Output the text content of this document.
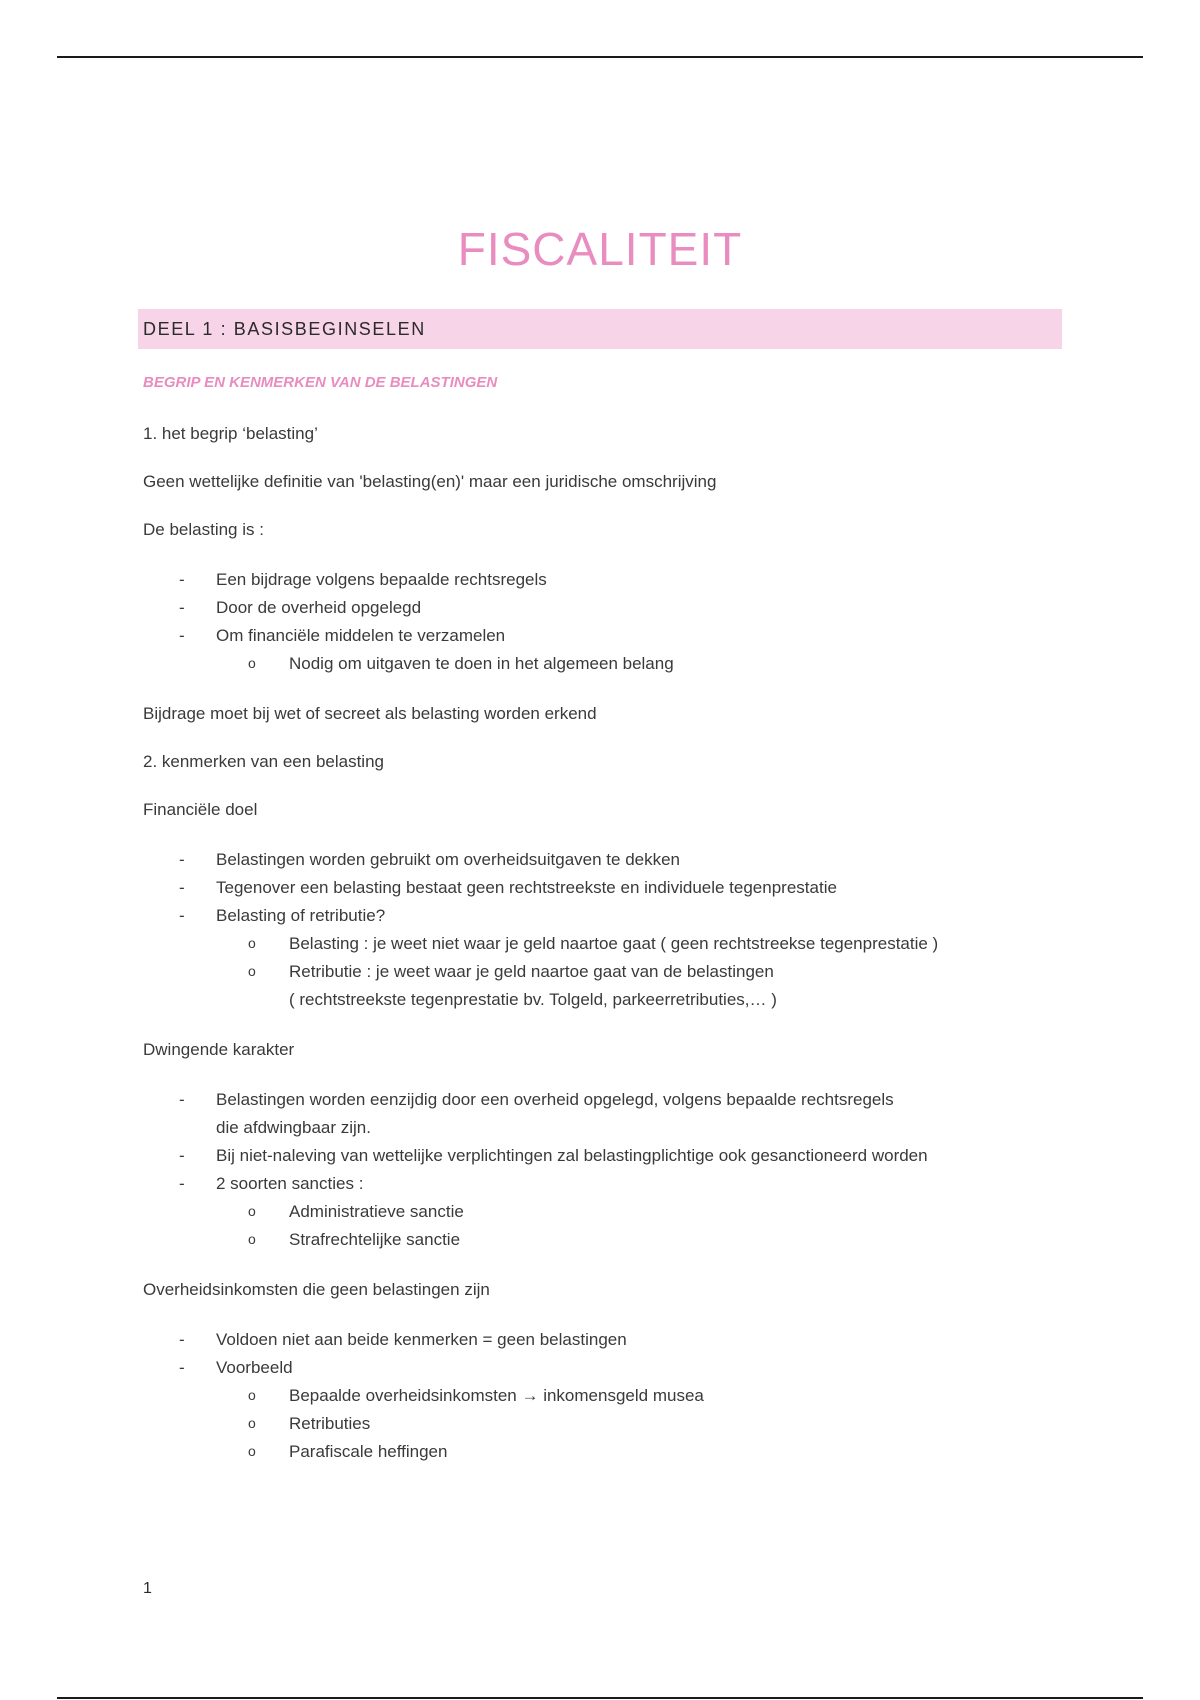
FISCALITEIT
DEEL 1 : BASISBEGINSELEN
BEGRIP EN KENMERKEN VAN DE BELASTINGEN

1. het begrip ‘belasting’

Geen wettelijke definitie van 'belasting(en)' maar een juridische omschrijving

De belasting is :

- Een bijdrage volgens bepaalde rechtsregels
- Door de overheid opgelegd
- Om financiële middelen te verzamelen
o Nodig om uitgaven te doen in het algemeen belang

Bijdrage moet bij wet of secreet als belasting worden erkend

2. kenmerken van een belasting

Financiële doel

- Belastingen worden gebruikt om overheidsuitgaven te dekken
- Tegenover een belasting bestaat geen rechtstreekste en individuele tegenprestatie
- Belasting of retributie?
o Belasting : je weet niet waar je geld naartoe gaat ( geen rechtstreekse tegenprestatie )
o Retributie : je weet waar je geld naartoe gaat van de belastingen
( rechtstreekste tegenprestatie bv. Tolgeld, parkeerretributies,… )

Dwingende karakter

- Belastingen worden eenzijdig door een overheid opgelegd, volgens bepaalde rechtsregels die afdwingbaar zijn.
- Bij niet-naleving van wettelijke verplichtingen zal belastingplichtige ook gesanctioneerd worden
- 2 soorten sancties :
o Administratieve sanctie
o Strafrechtelijke sanctie

Overheidsinkomsten die geen belastingen zijn

- Voldoen niet aan beide kenmerken = geen belastingen
- Voorbeeld
o Bepaalde overheidsinkomsten → inkomensgeld musea
o Retributies
o Parafiscale heffingen
1
